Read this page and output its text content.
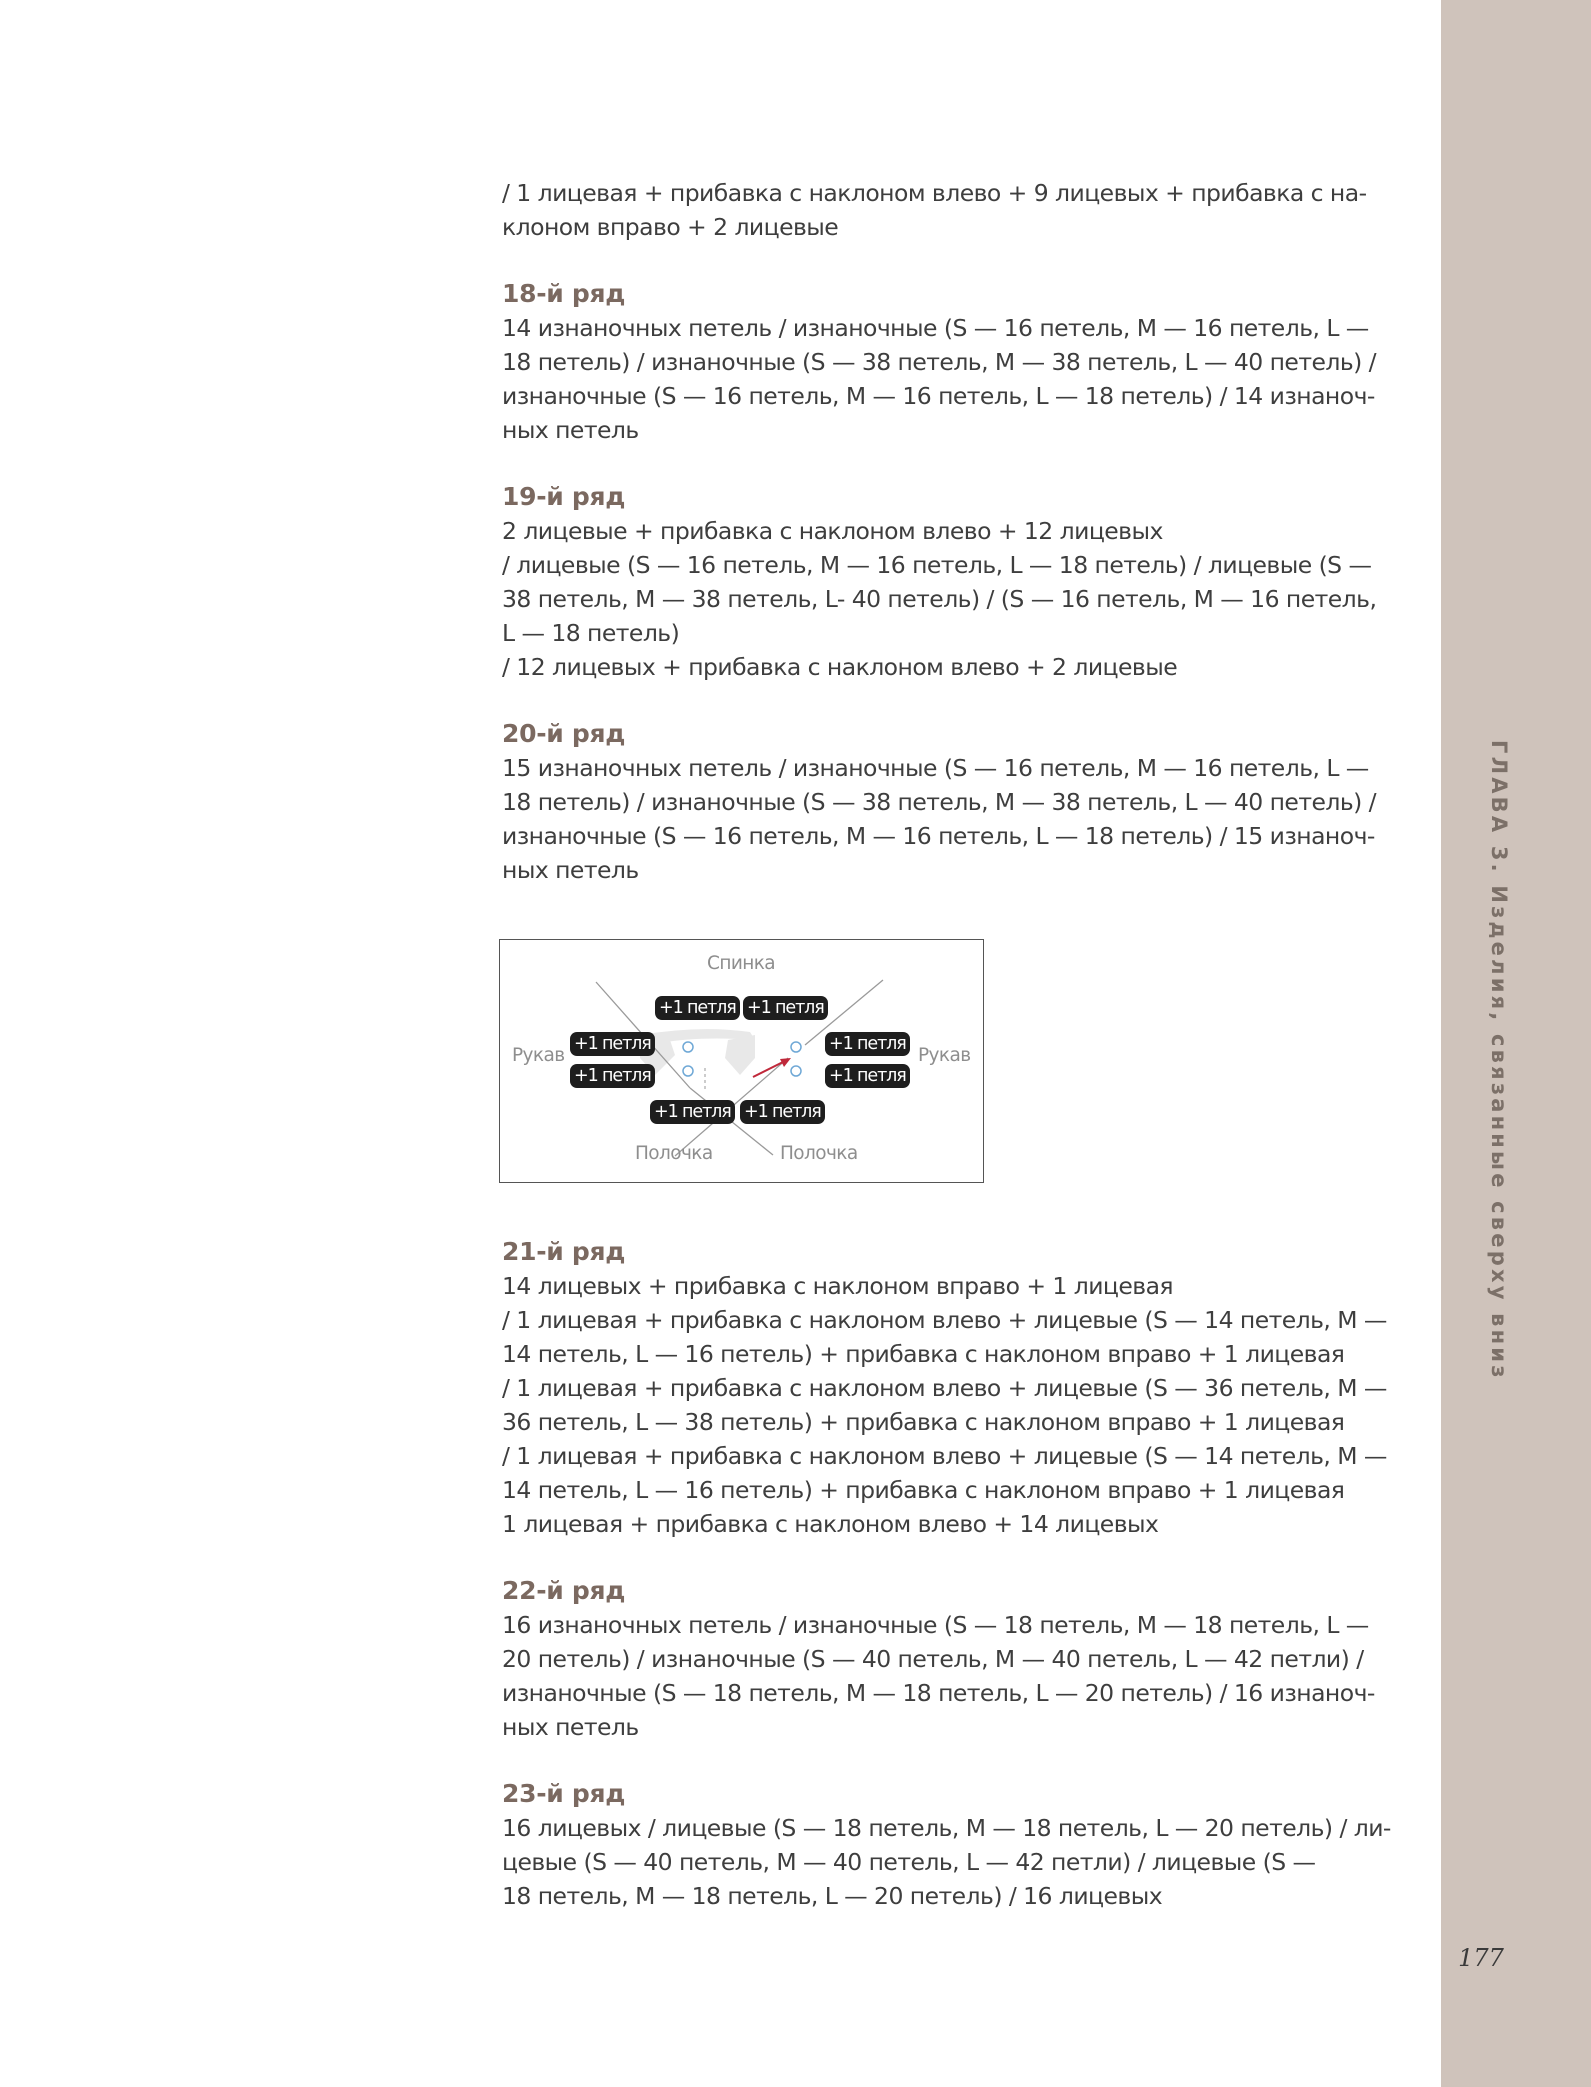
ГЛАВА 3. Изделия, связанные сверху вниз
177

/ 1 лицевая + прибавка с наклоном влево + 9 лицевых + прибавка с на-
клоном вправо + 2 лицевые

18-й ряд

14 изнаночных петель / изнаночные (S — 16 петель, M — 16 петель, L —
18 петель) / изнаночные (S — 38 петель, M — 38 петель, L — 40 петель) /
изнаночные (S — 16 петель, M — 16 петель, L — 18 петель) / 14 изнаноч-
ных петель

19-й ряд

2 лицевые + прибавка с наклоном влево + 12 лицевых
/ лицевые (S — 16 петель, M — 16 петель, L — 18 петель) / лицевые (S —
38 петель, M — 38 петель, L- 40 петель) / (S — 16 петель, M — 16 петель,
L — 18 петель)
/ 12 лицевых + прибавка с наклоном влево + 2 лицевые

20-й ряд

15 изнаночных петель / изнаночные (S — 16 петель, M — 16 петель, L —
18 петель) / изнаночные (S — 38 петель, M — 38 петель, L — 40 петель) /
изнаночные (S — 16 петель, M — 16 петель, L — 18 петель) / 15 изнаноч-
ных петель

Спинка
Рукав	Рукав
Полочка	Полочка
+1 петля +1 петля
+1 петля	+1 петля
+1 петля	+1 петля
+1 петля +1 петля

21-й ряд

14 лицевых + прибавка с наклоном вправо + 1 лицевая
/ 1 лицевая + прибавка с наклоном влево + лицевые (S — 14 петель, M —
14 петель, L — 16 петель) + прибавка с наклоном вправо + 1 лицевая
/ 1 лицевая + прибавка с наклоном влево + лицевые (S — 36 петель, M —
36 петель, L — 38 петель) + прибавка с наклоном вправо + 1 лицевая
/ 1 лицевая + прибавка с наклоном влево + лицевые (S — 14 петель, M —
14 петель, L — 16 петель) + прибавка с наклоном вправо + 1 лицевая
1 лицевая + прибавка с наклоном влево + 14 лицевых

22-й ряд

16 изнаночных петель / изнаночные (S — 18 петель, M — 18 петель, L —
20 петель) / изнаночные (S — 40 петель, M — 40 петель, L — 42 петли) /
изнаночные (S — 18 петель, M — 18 петель, L — 20 петель) / 16 изнаноч-
ных петель

23-й ряд

16 лицевых / лицевые (S — 18 петель, M — 18 петель, L — 20 петель) / ли-
цевые (S — 40 петель, M — 40 петель, L — 42 петли) / лицевые (S —
18 петель, M — 18 петель, L — 20 петель) / 16 лицевых
